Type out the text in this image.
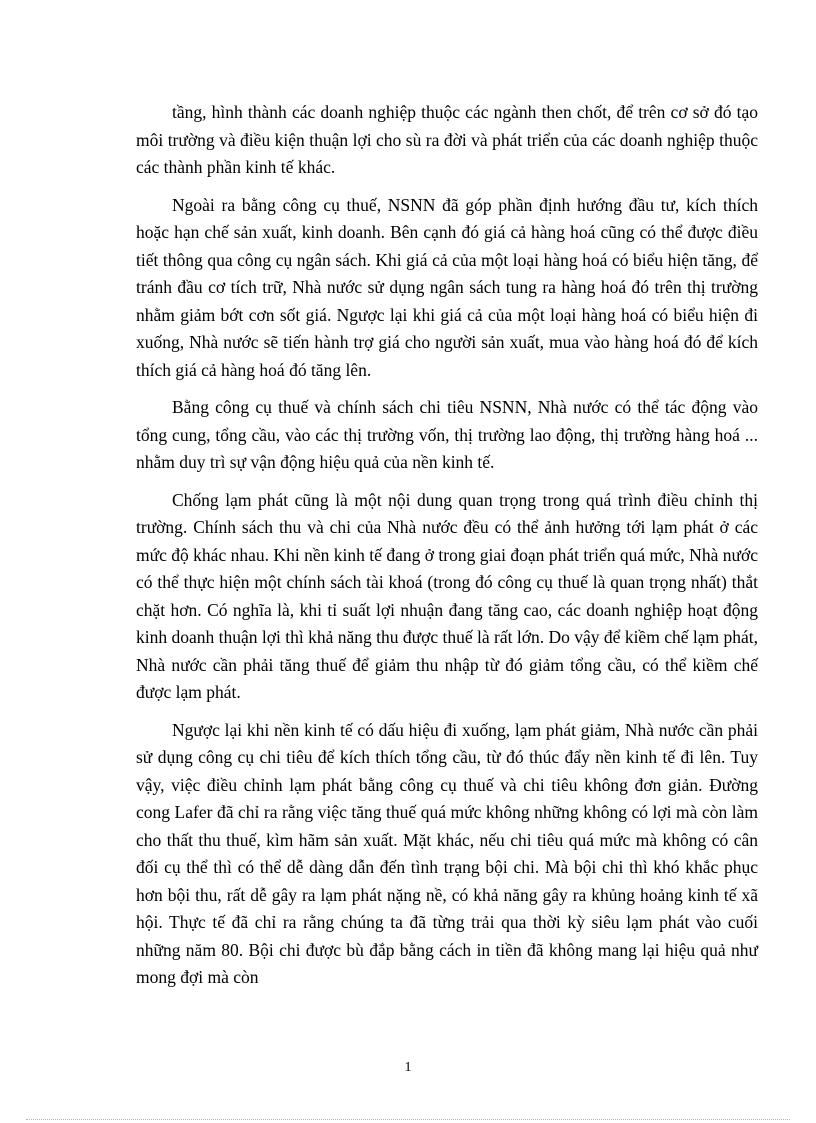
tầng, hình thành các doanh nghiệp thuộc các ngành then chốt, để trên cơ sở đó tạo môi trường và điều kiện thuận lợi cho sù ra đời và phát triển của các doanh nghiệp thuộc các thành phần kinh tế khác.

Ngoài ra bằng công cụ thuế, NSNN đã góp phần định hướng đầu tư, kích thích hoặc hạn chế sản xuất, kinh doanh. Bên cạnh đó giá cả hàng hoá cũng có thể được điều tiết thông qua công cụ ngân sách. Khi giá cả của một loại hàng hoá có biểu hiện tăng, để tránh đầu cơ tích trữ, Nhà nước sử dụng ngân sách tung ra hàng hoá đó trên thị trường nhằm giảm bớt cơn sốt giá. Ngược lại khi giá cả của một loại hàng hoá có biểu hiện đi xuống, Nhà nước sẽ tiến hành trợ giá cho người sản xuất, mua vào hàng hoá đó để kích thích giá cả hàng hoá đó tăng lên.

Bằng công cụ thuế và chính sách chi tiêu NSNN, Nhà nước có thể tác động vào tổng cung, tổng cầu, vào các thị trường vốn, thị trường lao động, thị trường hàng hoá ... nhằm duy trì sự vận động hiệu quả của nền kinh tế.

Chống lạm phát cũng là một nội dung quan trọng trong quá trình điều chỉnh thị trường. Chính sách thu và chi của Nhà nước đều có thể ảnh hưởng tới lạm phát ở các mức độ khác nhau. Khi nền kinh tế đang ở trong giai đoạn phát triển quá mức, Nhà nước có thể thực hiện một chính sách tài khoá (trong đó công cụ thuế là quan trọng nhất) thắt chặt hơn. Có nghĩa là, khi tỉ suất lợi nhuận đang tăng cao, các doanh nghiệp hoạt động kinh doanh thuận lợi thì khả năng thu được thuế là rất lớn. Do vậy để kiềm chế lạm phát, Nhà nước cần phải tăng thuế để giảm thu nhập từ đó giảm tổng cầu, có thể kiềm chế được lạm phát.

Ngược lại khi nền kinh tế có dấu hiệu đi xuống, lạm phát giảm, Nhà nước cần phải sử dụng công cụ chi tiêu để kích thích tổng cầu, từ đó thúc đẩy nền kinh tế đi lên. Tuy vậy, việc điều chỉnh lạm phát bằng công cụ thuế và chi tiêu không đơn giản. Đường cong Lafer đã chỉ ra rằng việc tăng thuế quá mức không những không có lợi mà còn làm cho thất thu thuế, kìm hãm sản xuất. Mặt khác, nếu chi tiêu quá mức mà không có cân đối cụ thể thì có thể dễ dàng dẫn đến tình trạng bội chi. Mà bội chi thì khó khắc phục hơn bội thu, rất dễ gây ra lạm phát nặng nề, có khả năng gây ra khủng hoảng kinh tế xã hội. Thực tế đã chỉ ra rằng chúng ta đã từng trải qua thời kỳ siêu lạm phát vào cuối những năm 80. Bội chi được bù đắp bằng cách in tiền đã không mang lại hiệu quả như mong đợi mà còn

1
